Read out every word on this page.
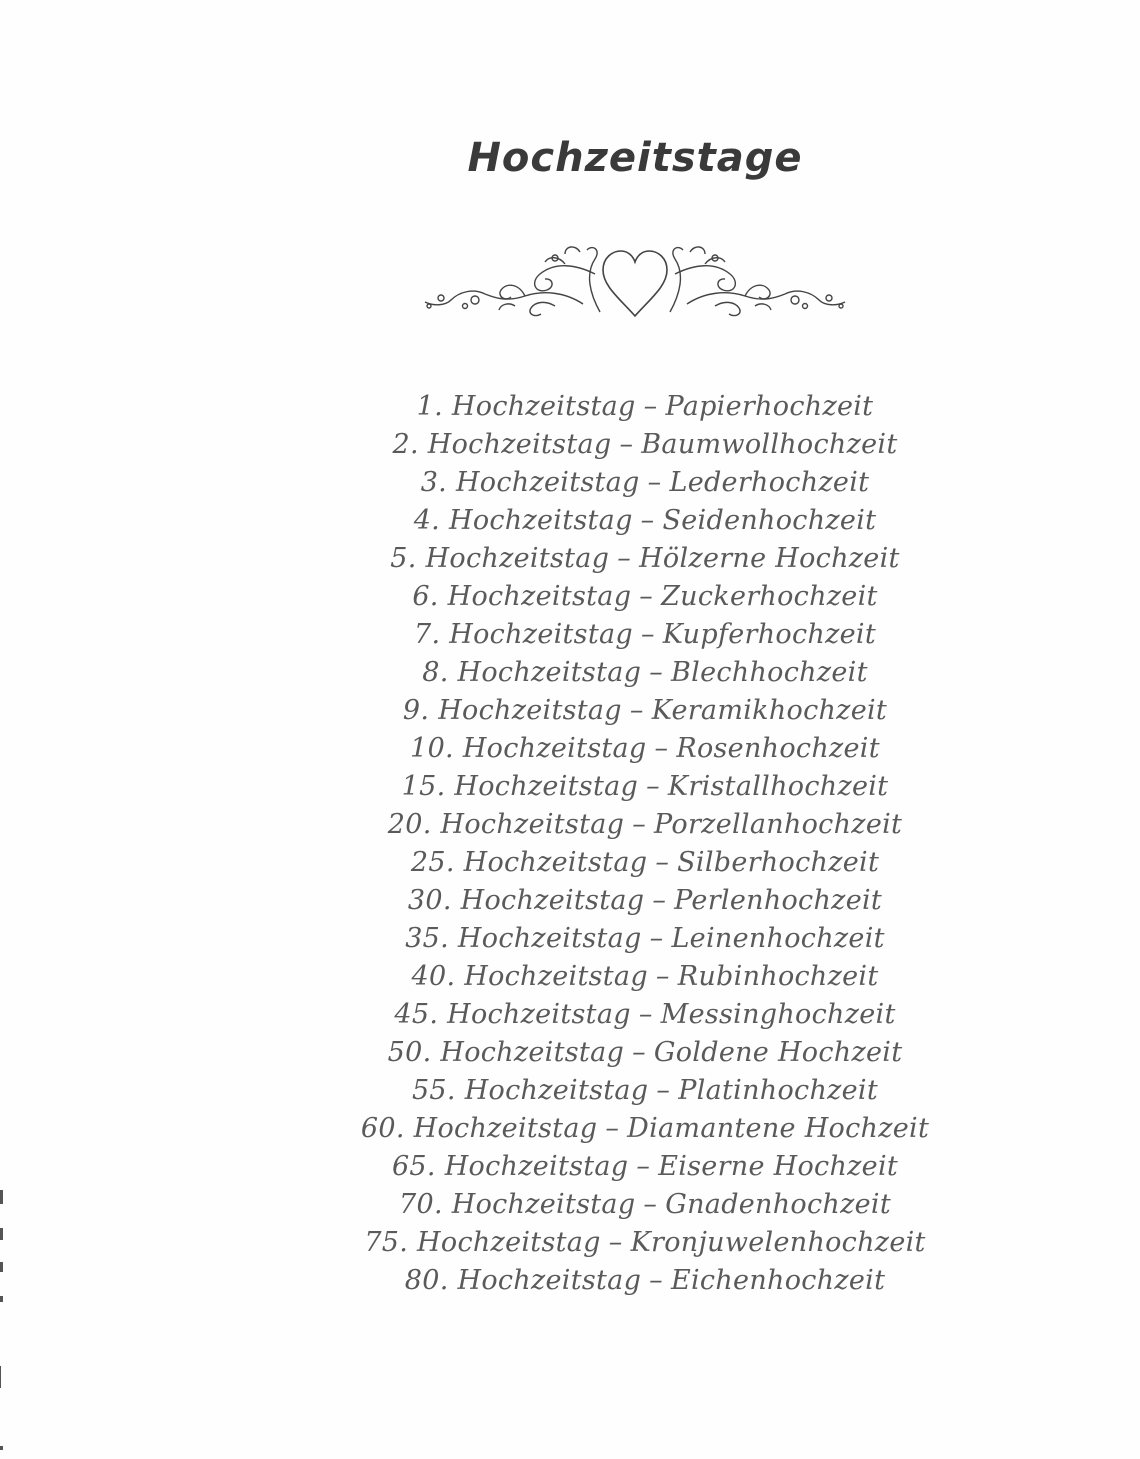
Hochzeitstage
1. Hochzeitstag – Papierhochzeit
2. Hochzeitstag – Baumwollhochzeit
3. Hochzeitstag – Lederhochzeit
4. Hochzeitstag – Seidenhochzeit
5. Hochzeitstag – Hölzerne Hochzeit
6. Hochzeitstag – Zuckerhochzeit
7. Hochzeitstag – Kupferhochzeit
8. Hochzeitstag – Blechhochzeit
9. Hochzeitstag – Keramikhochzeit
10. Hochzeitstag – Rosenhochzeit
15. Hochzeitstag – Kristallhochzeit
20. Hochzeitstag – Porzellanhochzeit
25. Hochzeitstag – Silberhochzeit
30. Hochzeitstag – Perlenhochzeit
35. Hochzeitstag – Leinenhochzeit
40. Hochzeitstag – Rubinhochzeit
45. Hochzeitstag – Messinghochzeit
50. Hochzeitstag – Goldene Hochzeit
55. Hochzeitstag – Platinhochzeit
60. Hochzeitstag – Diamantene Hochzeit
65. Hochzeitstag – Eiserne Hochzeit
70. Hochzeitstag – Gnadenhochzeit
75. Hochzeitstag – Kronjuwelenhochzeit
80. Hochzeitstag – Eichenhochzeit
